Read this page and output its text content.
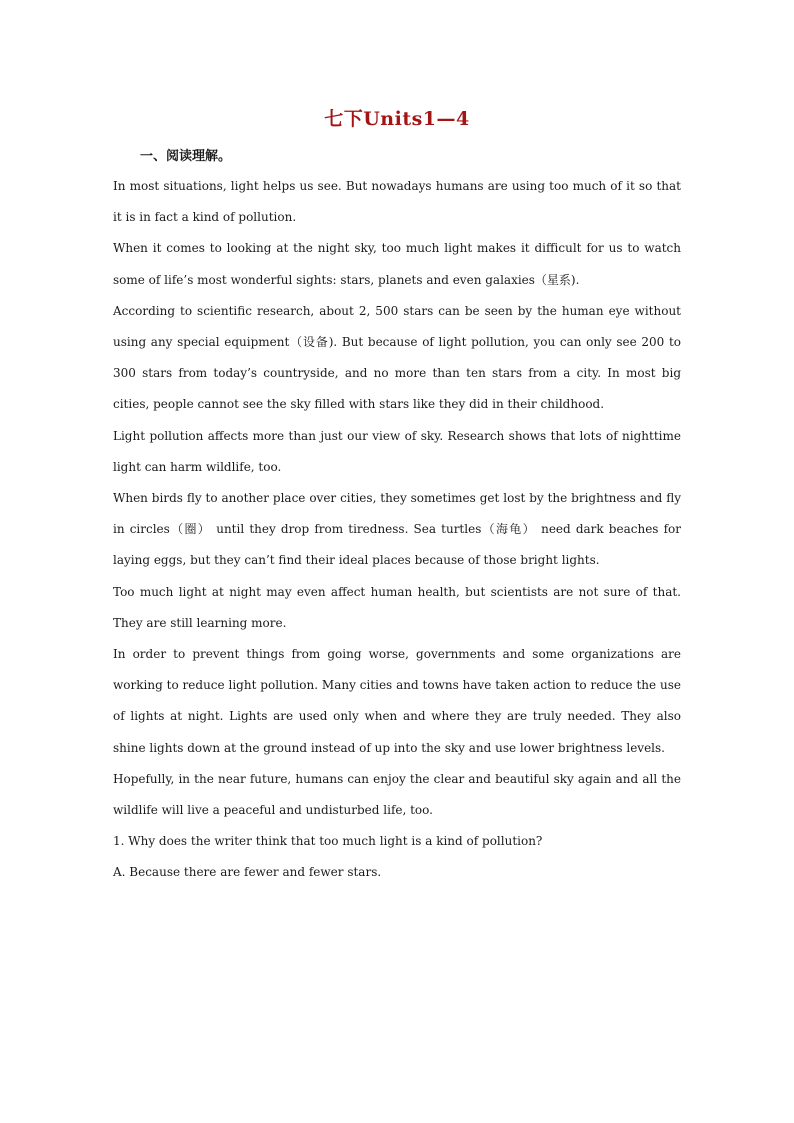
七下Units1—4
一、阅读理解。

In most situations, light helps us see. But nowadays humans are using too much of it so that it is in fact a kind of pollution.

When it comes to looking at the night sky, too much light makes it difficult for us to watch some of life’s most wonderful sights: stars, planets and even galaxies（星系).

According to scientific research, about 2, 500 stars can be seen by the human eye without using any special equipment（设备). But because of light pollution, you can only see 200 to 300 stars from today’s countryside, and no more than ten stars from a city. In most big cities, people cannot see the sky filled with stars like they did in their childhood.

Light pollution affects more than just our view of sky. Research shows that lots of nighttime light can harm wildlife, too.

When birds fly to another place over cities, they sometimes get lost by the brightness and fly in circles（圈） until they drop from tiredness. Sea turtles（海龟） need dark beaches for laying eggs, but they can’t find their ideal places because of those bright lights.

Too much light at night may even affect human health, but scientists are not sure of that. They are still learning more.

In order to prevent things from going worse, governments and some organizations are working to reduce light pollution. Many cities and towns have taken action to reduce the use of lights at night. Lights are used only when and where they are truly needed. They also shine lights down at the ground instead of up into the sky and use lower brightness levels.

Hopefully, in the near future, humans can enjoy the clear and beautiful sky again and all the wildlife will live a peaceful and undisturbed life, too.

1. Why does the writer think that too much light is a kind of pollution?

A. Because there are fewer and fewer stars.
